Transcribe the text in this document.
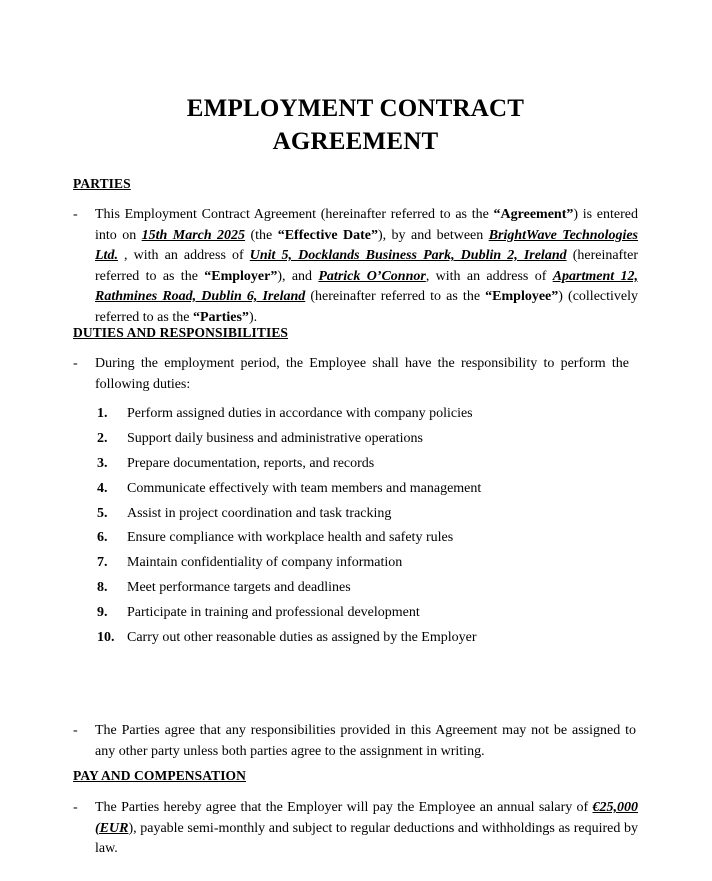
EMPLOYMENT CONTRACT
AGREEMENT
PARTIES
-	This Employment Contract Agreement (hereinafter referred to as the “Agreement”) is entered into on 15th March 2025 (the “Effective Date”), by and between BrightWave Technologies Ltd. , with an address of Unit 5, Docklands Business Park, Dublin 2, Ireland (hereinafter referred to as the “Employer”), and Patrick O’Connor, with an address of Apartment 12, Rathmines Road, Dublin 6, Ireland (hereinafter referred to as the “Employee”) (collectively referred to as the “Parties”).
DUTIES AND RESPONSIBILITIES
-	During the employment period, the Employee shall have the responsibility to perform the following duties:
1.	Perform assigned duties in accordance with company policies
2.	Support daily business and administrative operations
3.	Prepare documentation, reports, and records
4.	Communicate effectively with team members and management
5.	Assist in project coordination and task tracking
6.	Ensure compliance with workplace health and safety rules
7.	Maintain confidentiality of company information
8.	Meet performance targets and deadlines
9.	Participate in training and professional development
10. Carry out other reasonable duties as assigned by the Employer
-	The Parties agree that any responsibilities provided in this Agreement may not be assigned to any other party unless both parties agree to the assignment in writing.
PAY AND COMPENSATION
-	The Parties hereby agree that the Employer will pay the Employee an annual salary of €25,000 (EUR), payable semi-monthly and subject to regular deductions and withholdings as required by law.
